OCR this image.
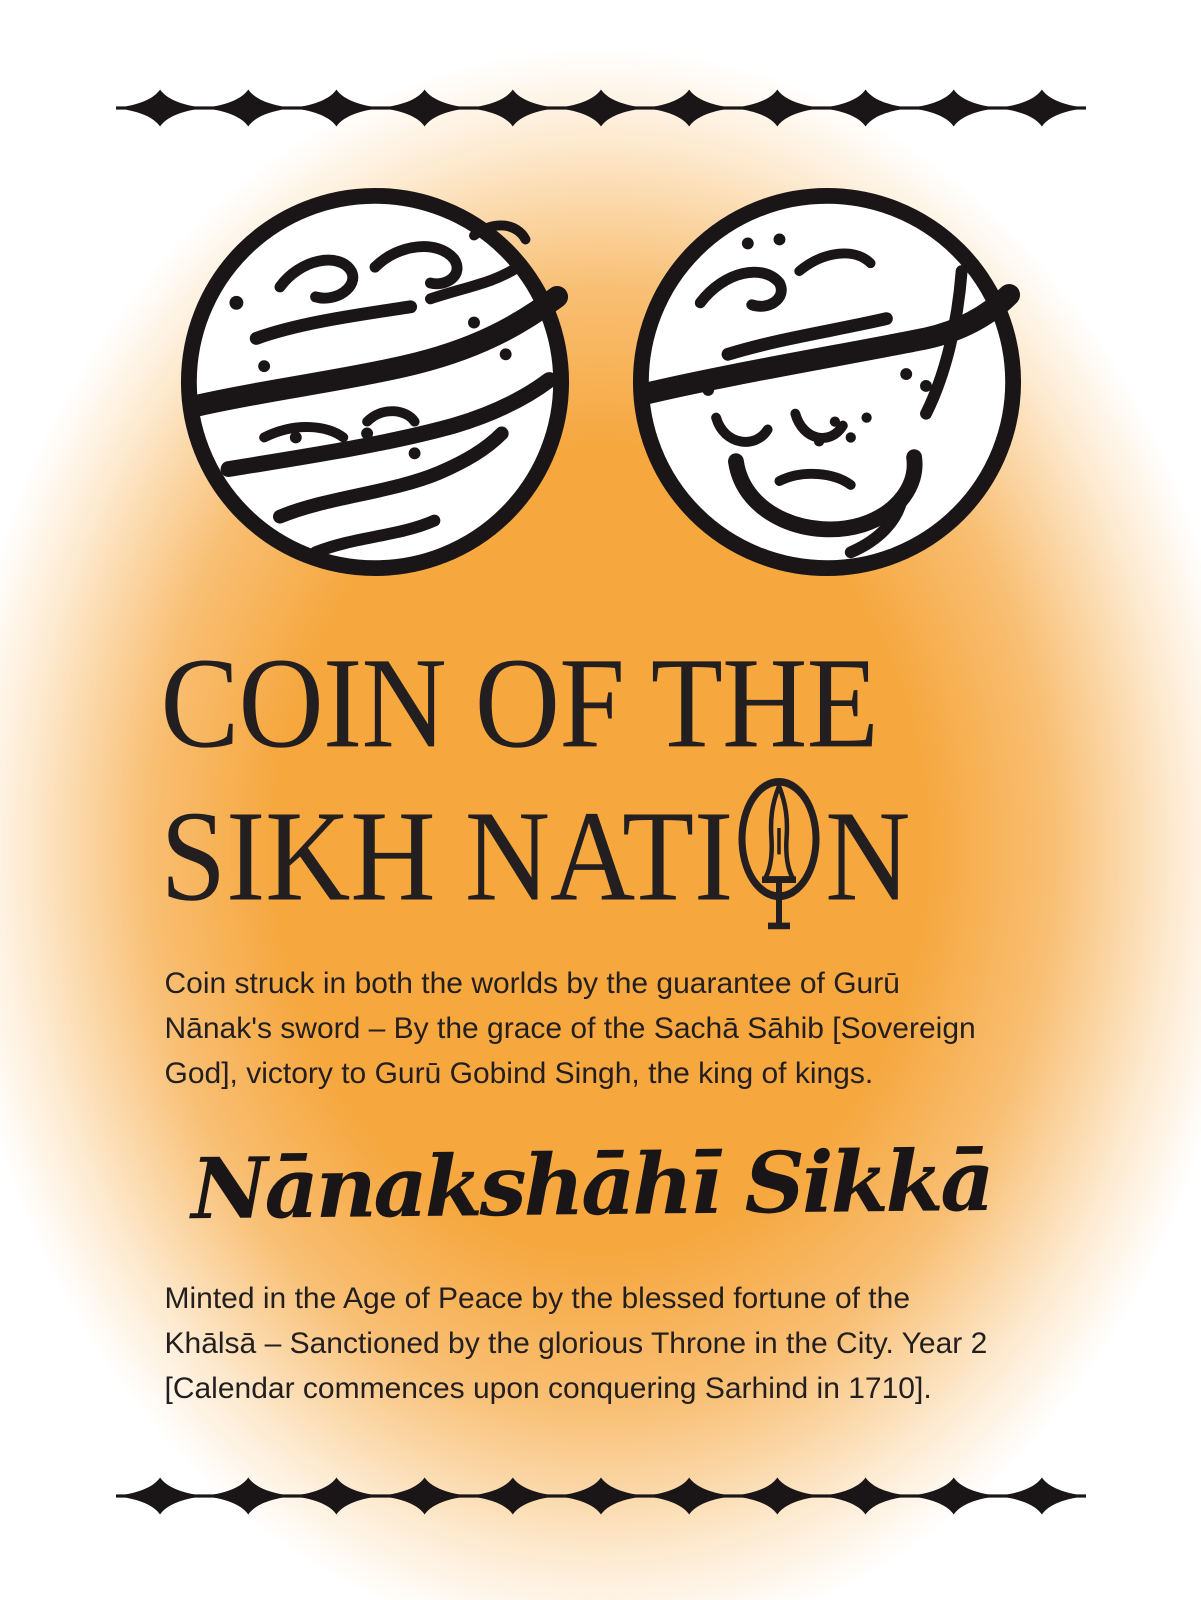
COIN OF THE
SIKH NATI N
Coin struck in both the worlds by the guarantee of Gurū
Nānak's sword – By the grace of the Sachā Sāhib [Sovereign
God], victory to Gurū Gobind Singh, the king of kings.
Nānakshāhī Sikkā
Minted in the Age of Peace by the blessed fortune of the
Khālsā – Sanctioned by the glorious Throne in the City. Year 2
[Calendar commences upon conquering Sarhind in 1710].
